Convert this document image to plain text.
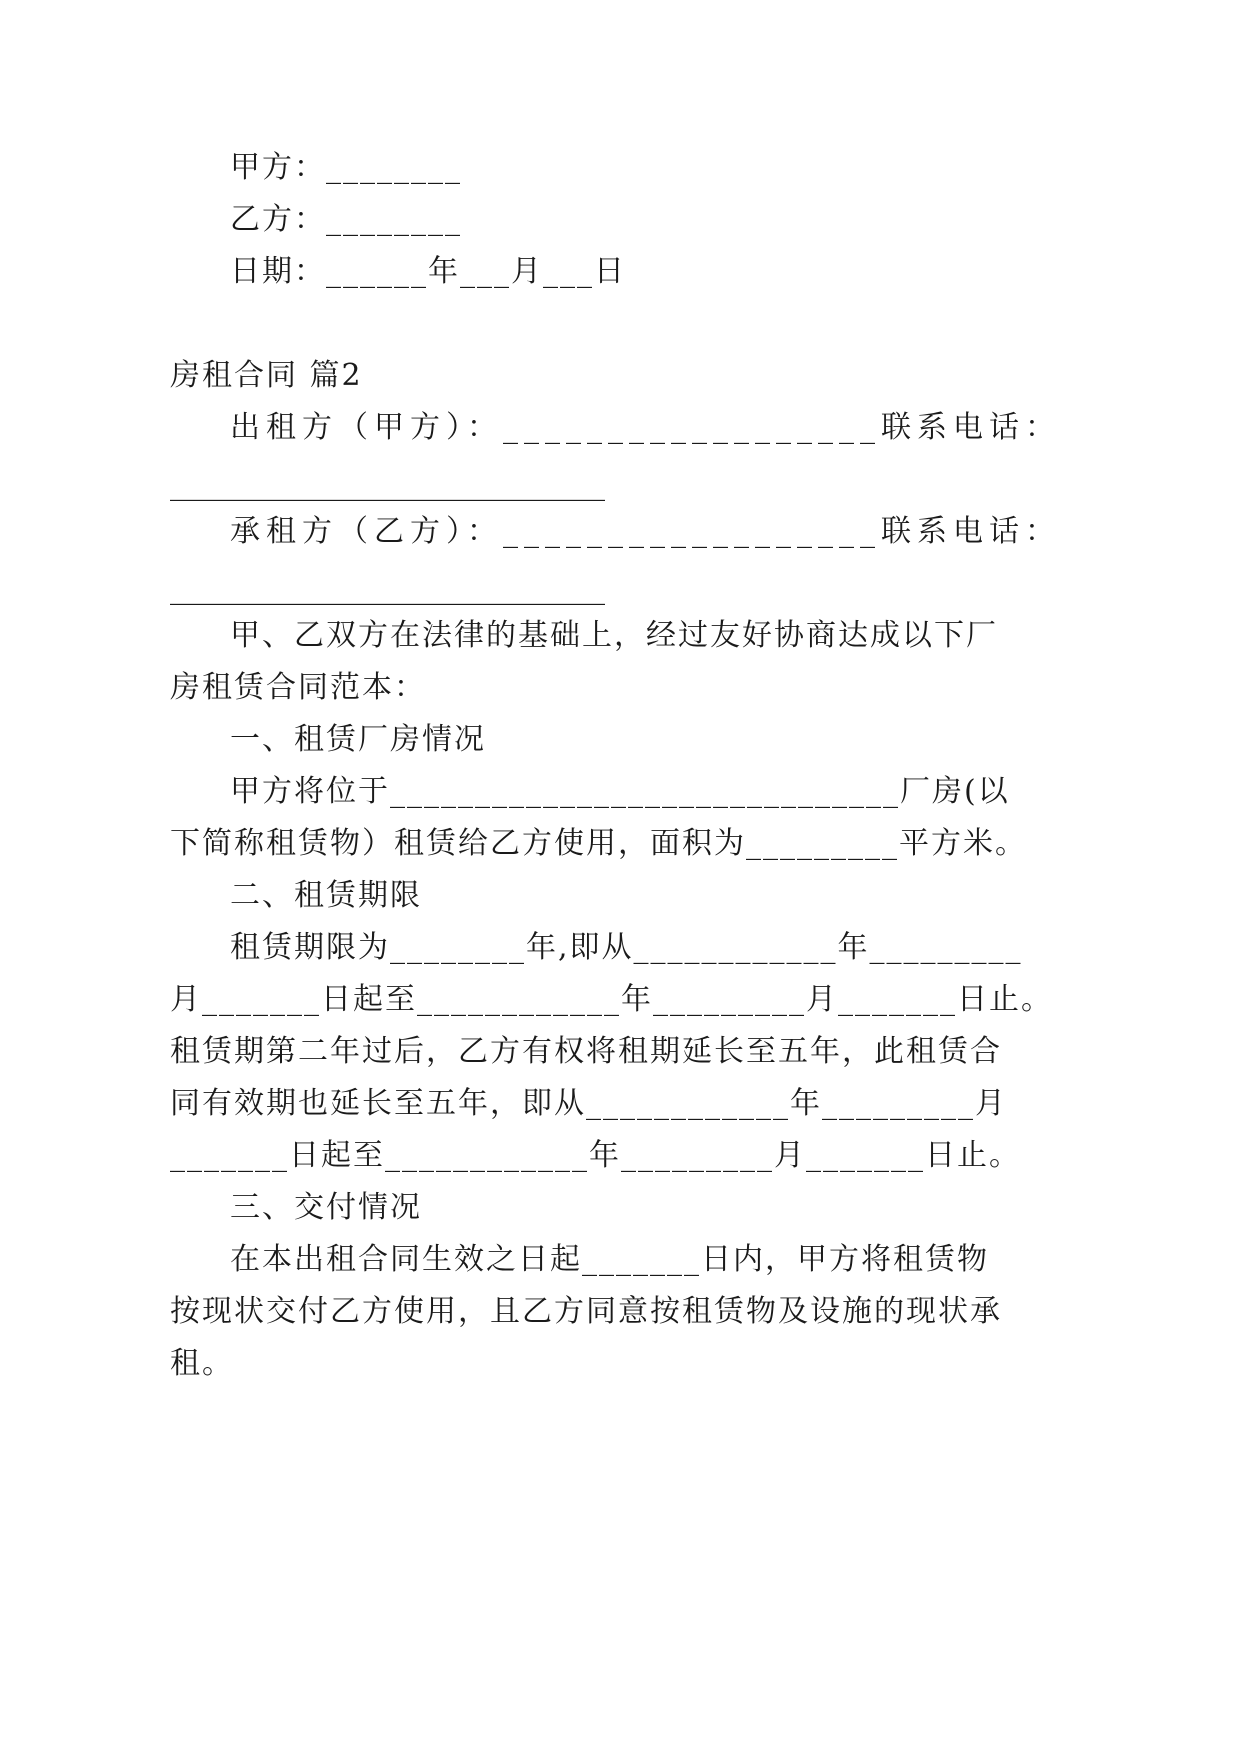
甲方：________
乙方：________
日期：______年___月___日
房租合同 篇2
出租方（甲方）：__________________联系电话：
_____________________________
承租方（乙方）：__________________联系电话：
_____________________________
甲、乙双方在法律的基础上，经过友好协商达成以下厂
房租赁合同范本：
一、租赁厂房情况
甲方将位于______________________________厂房(以
下简称租赁物）租赁给乙方使用，面积为_________平方米。
二、租赁期限
租赁期限为________年,即从____________年_________
月_______日起至____________年_________月_______日止。
租赁期第二年过后，乙方有权将租期延长至五年，此租赁合
同有效期也延长至五年，即从____________年_________月
_______日起至____________年_________月_______日止。
三、交付情况
在本出租合同生效之日起_______日内，甲方将租赁物
按现状交付乙方使用，且乙方同意按租赁物及设施的现状承
租。
